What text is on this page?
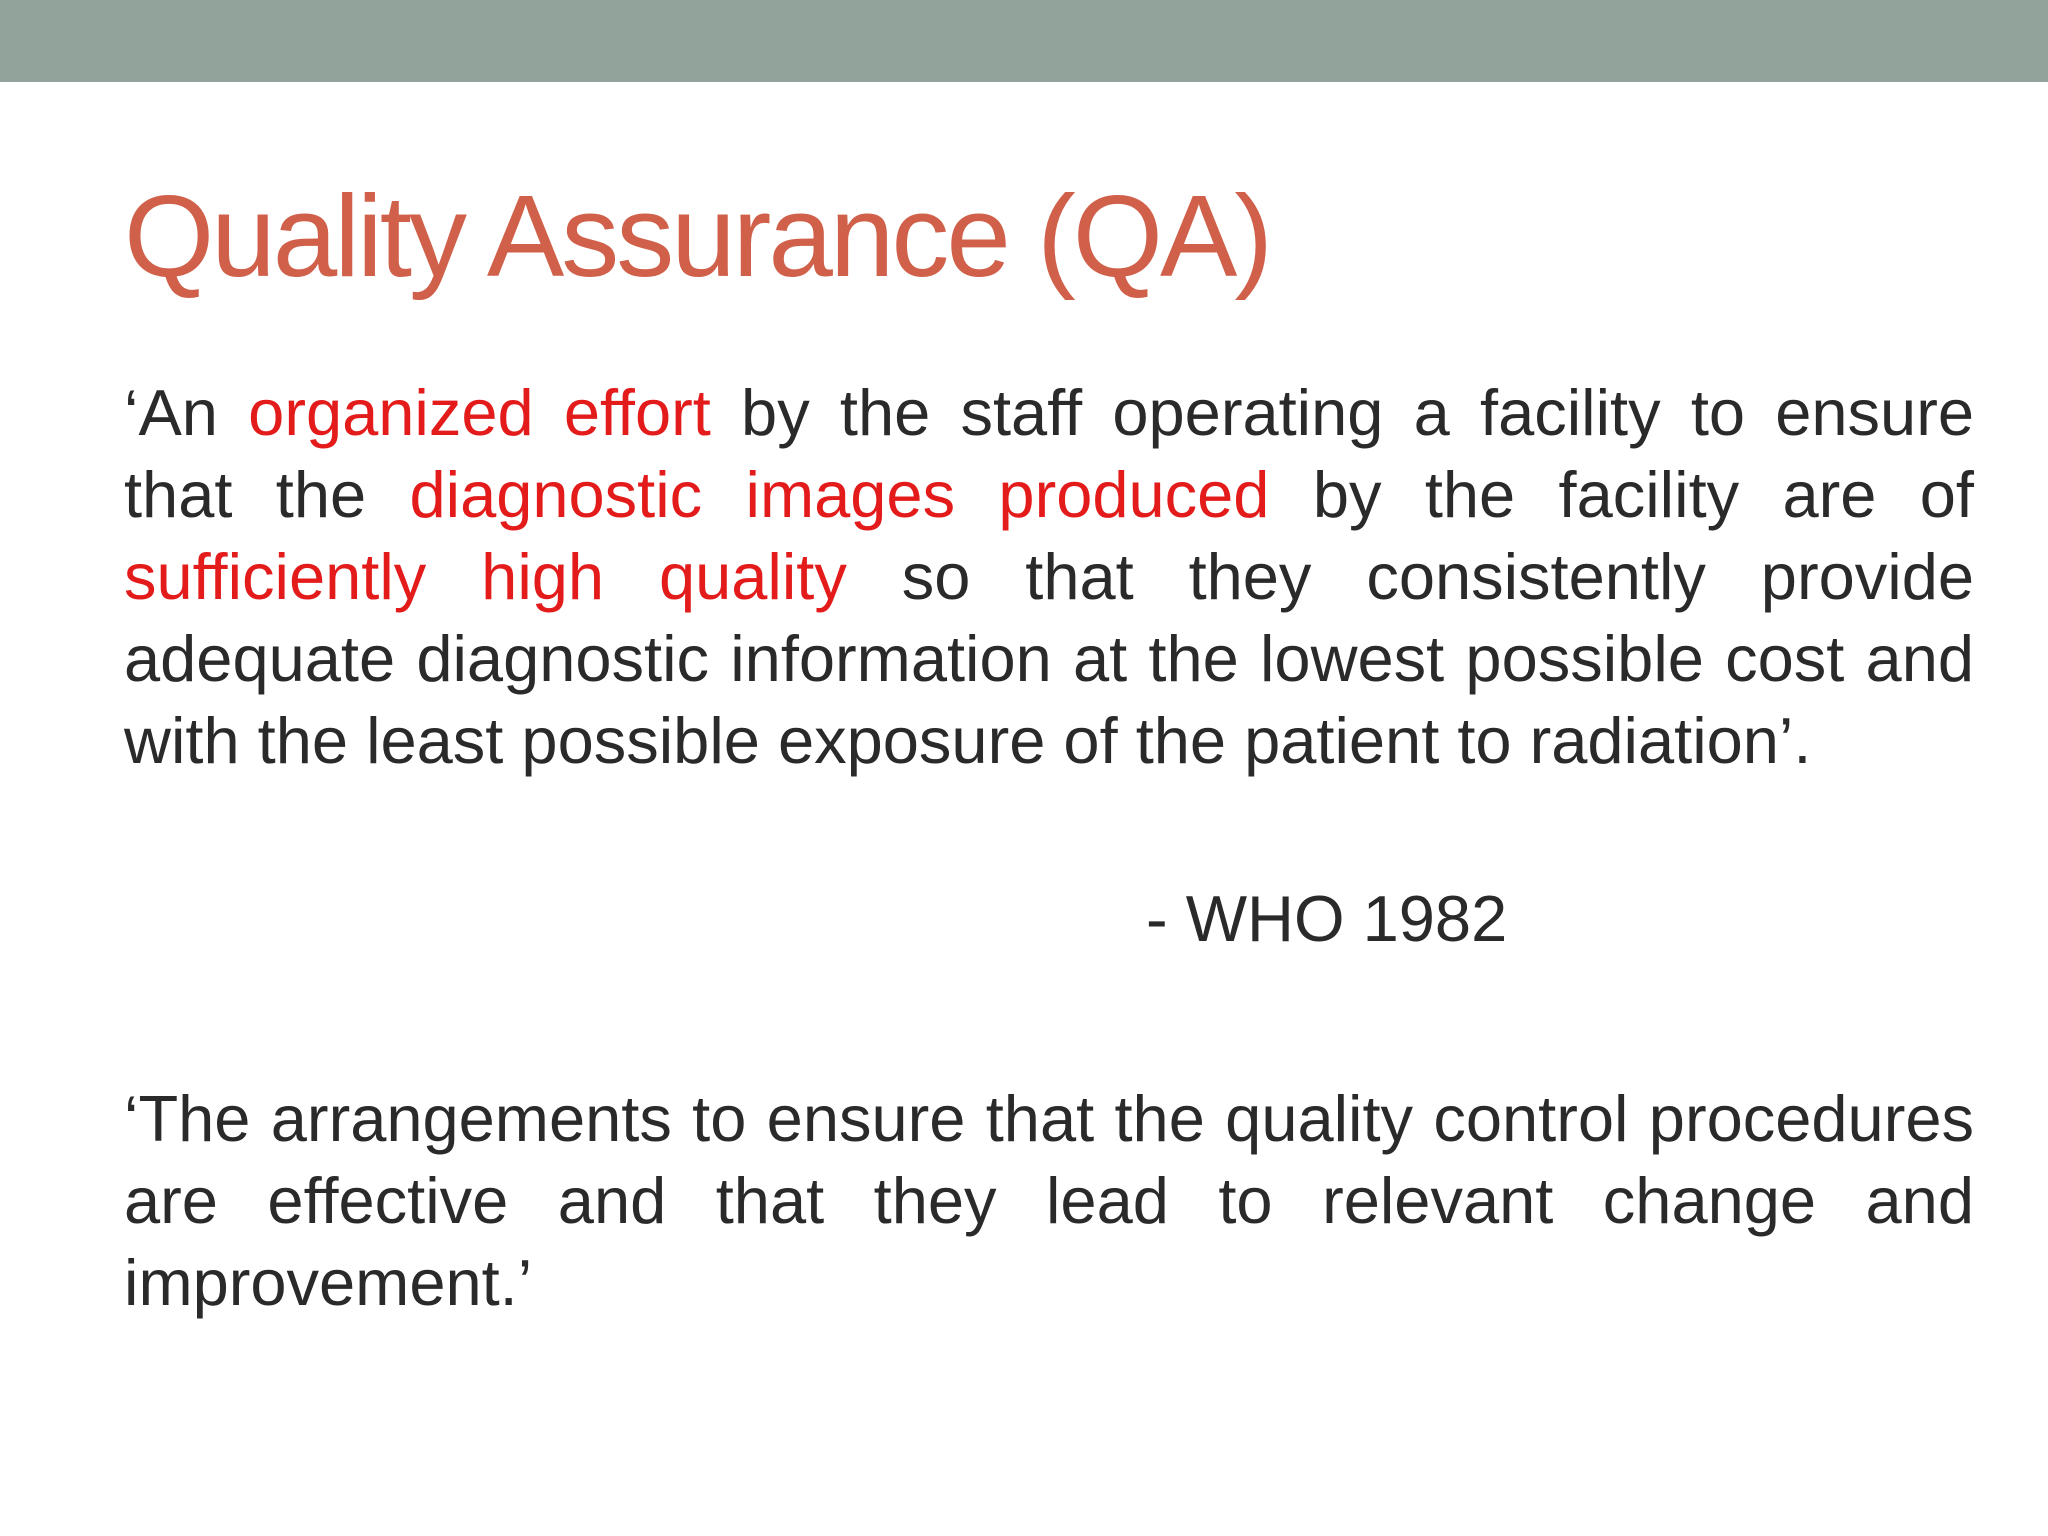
Quality Assurance (QA)

‘An organized effort by the staff operating a facility to ensure that the diagnostic images produced by the facility are of sufficiently high quality so that they consistently provide adequate diagnostic information at the lowest possible cost and with the least possible exposure of the patient to radiation’.

- WHO 1982

‘The arrangements to ensure that the quality control procedures are effective and that they lead to relevant change and improvement.’
